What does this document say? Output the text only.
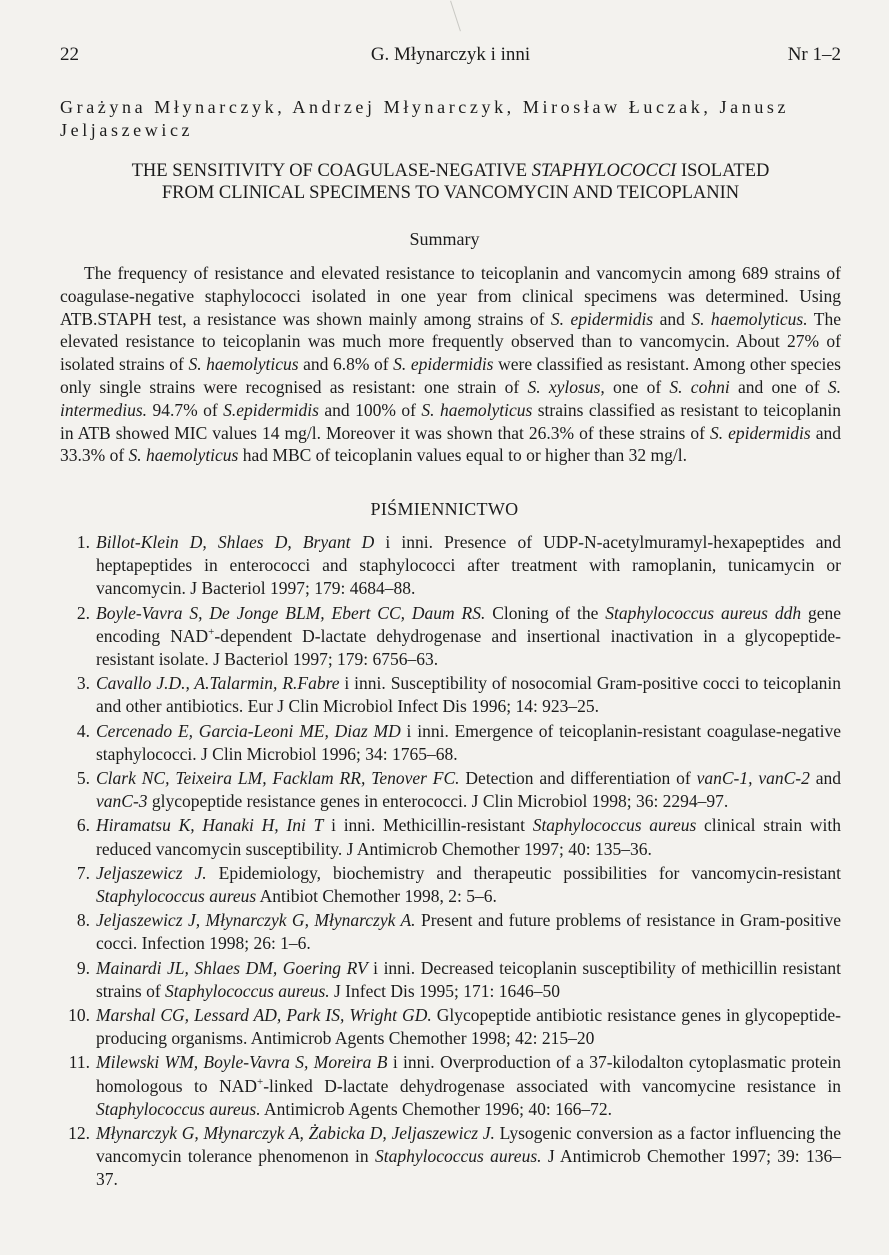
22	G. Młynarczyk i inni	Nr 1–2
Grażyna Młynarczyk, Andrzej Młynarczyk, Mirosław Łuczak, Janusz Jeljaszewicz
THE SENSITIVITY OF COAGULASE-NEGATIVE STAPHYLOCOCCI ISOLATED
FROM CLINICAL SPECIMENS TO VANCOMYCIN AND TEICOPLANIN
Summary
The frequency of resistance and elevated resistance to teicoplanin and vancomycin among 689 strains of coagulase-negative staphylococci isolated in one year from clinical specimens was determined. Using ATB.STAPH test, a resistance was shown mainly among strains of S. epidermidis and S. haemolyticus. The elevated resistance to teicoplanin was much more frequently observed than to vancomycin. About 27% of isolated strains of S. haemolyticus and 6.8% of S. epidermidis were classified as resistant. Among other species only single strains were recognised as resistant: one strain of S. xylosus, one of S. cohni and one of S. intermedius. 94.7% of S.epidermidis and 100% of S. haemolyticus strains classified as resistant to teicoplanin in ATB showed MIC values 14 mg/l. Moreover it was shown that 26.3% of these strains of S. epidermidis and 33.3% of S. haemolyticus had MBC of teicoplanin values equal to or higher than 32 mg/l.
PIŚMIENNICTWO
1. Billot-Klein D, Shlaes D, Bryant D i inni. Presence of UDP-N-acetylmuramyl-hexapeptides and heptapeptides in enterococci and staphylococci after treatment with ramoplanin, tunicamycin or vancomycin. J Bacteriol 1997; 179: 4684–88.
2. Boyle-Vavra S, De Jonge BLM, Ebert CC, Daum RS. Cloning of the Staphylococcus aureus ddh gene encoding NAD+-dependent D-lactate dehydrogenase and insertional inactivation in a glycopeptide-resistant isolate. J Bacteriol 1997; 179: 6756–63.
3. Cavallo J.D., A.Talarmin, R.Fabre i inni. Susceptibility of nosocomial Gram-positive cocci to teicoplanin and other antibiotics. Eur J Clin Microbiol Infect Dis 1996; 14: 923–25.
4. Cercenado E, Garcia-Leoni ME, Diaz MD i inni. Emergence of teicoplanin-resistant coagulase-negative staphylococci. J Clin Microbiol 1996; 34: 1765–68.
5. Clark NC, Teixeira LM, Facklam RR, Tenover FC. Detection and differentiation of vanC-1, vanC-2 and vanC-3 glycopeptide resistance genes in enterococci. J Clin Microbiol 1998; 36: 2294–97.
6. Hiramatsu K, Hanaki H, Ini T i inni. Methicillin-resistant Staphylococcus aureus clinical strain with reduced vancomycin susceptibility. J Antimicrob Chemother 1997; 40: 135–36.
7. Jeljaszewicz J. Epidemiology, biochemistry and therapeutic possibilities for vancomycin-resistant Staphylococcus aureus Antibiot Chemother 1998, 2: 5–6.
8. Jeljaszewicz J, Młynarczyk G, Młynarczyk A. Present and future problems of resistance in Gram-positive cocci. Infection 1998; 26: 1–6.
9. Mainardi JL, Shlaes DM, Goering RV i inni. Decreased teicoplanin susceptibility of methicillin resistant strains of Staphylococcus aureus. J Infect Dis 1995; 171: 1646–50
10. Marshal CG, Lessard AD, Park IS, Wright GD. Glycopeptide antibiotic resistance genes in glycopeptide-producing organisms. Antimicrob Agents Chemother 1998; 42: 215–20
11. Milewski WM, Boyle-Vavra S, Moreira B i inni. Overproduction of a 37-kilodalton cytoplasmatic protein homologous to NAD+-linked D-lactate dehydrogenase associated with vancomycine resistance in Staphylococcus aureus. Antimicrob Agents Chemother 1996; 40: 166–72.
12. Młynarczyk G, Młynarczyk A, Żabicka D, Jeljaszewicz J. Lysogenic conversion as a factor influencing the vancomycin tolerance phenomenon in Staphylococcus aureus. J Antimicrob Chemother 1997; 39: 136–37.
